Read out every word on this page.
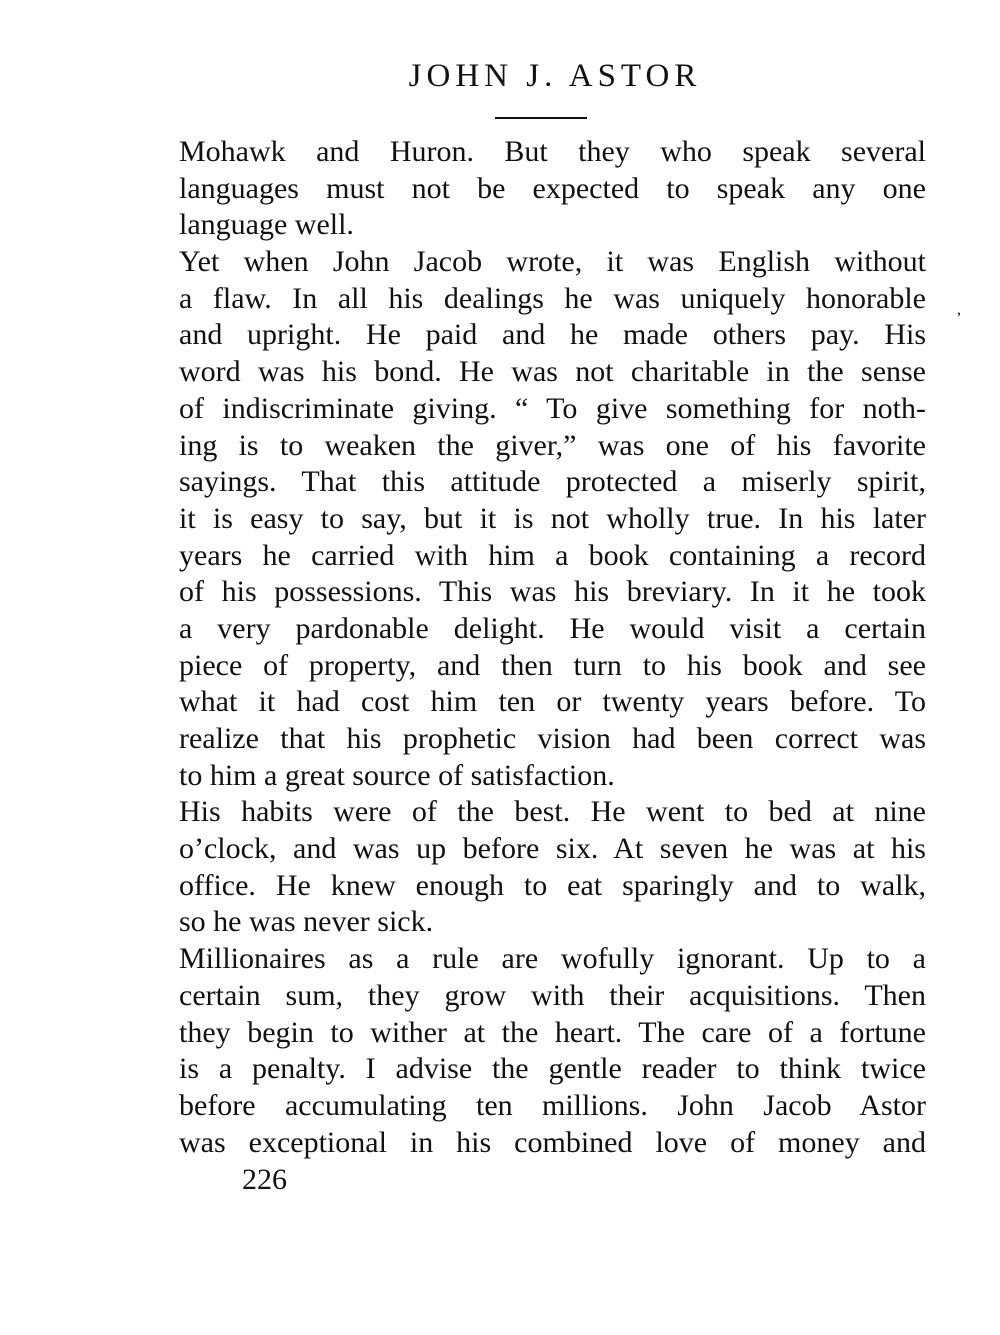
JOHN J. ASTOR
Mohawk and Huron. But they who speak several
languages must not be expected to speak any one
language well.
Yet when John Jacob wrote, it was English without
a flaw. In all his dealings he was uniquely honorable
and upright. He paid and he made others pay. His
word was his bond. He was not charitable in the sense
of indiscriminate giving. “ To give something for noth-
ing is to weaken the giver,” was one of his favorite
sayings. That this attitude protected a miserly spirit,
it is easy to say, but it is not wholly true. In his later
years he carried with him a book containing a record
of his possessions. This was his breviary. In it he took
a very pardonable delight. He would visit a certain
piece of property, and then turn to his book and see
what it had cost him ten or twenty years before. To
realize that his prophetic vision had been correct was
to him a great source of satisfaction.
His habits were of the best. He went to bed at nine
o’clock, and was up before six. At seven he was at his
office. He knew enough to eat sparingly and to walk,
so he was never sick.
Millionaires as a rule are wofully ignorant. Up to a
certain sum, they grow with their acquisitions. Then
they begin to wither at the heart. The care of a fortune
is a penalty. I advise the gentle reader to think twice
before accumulating ten millions. John Jacob Astor
was exceptional in his combined love of money and
,
226
